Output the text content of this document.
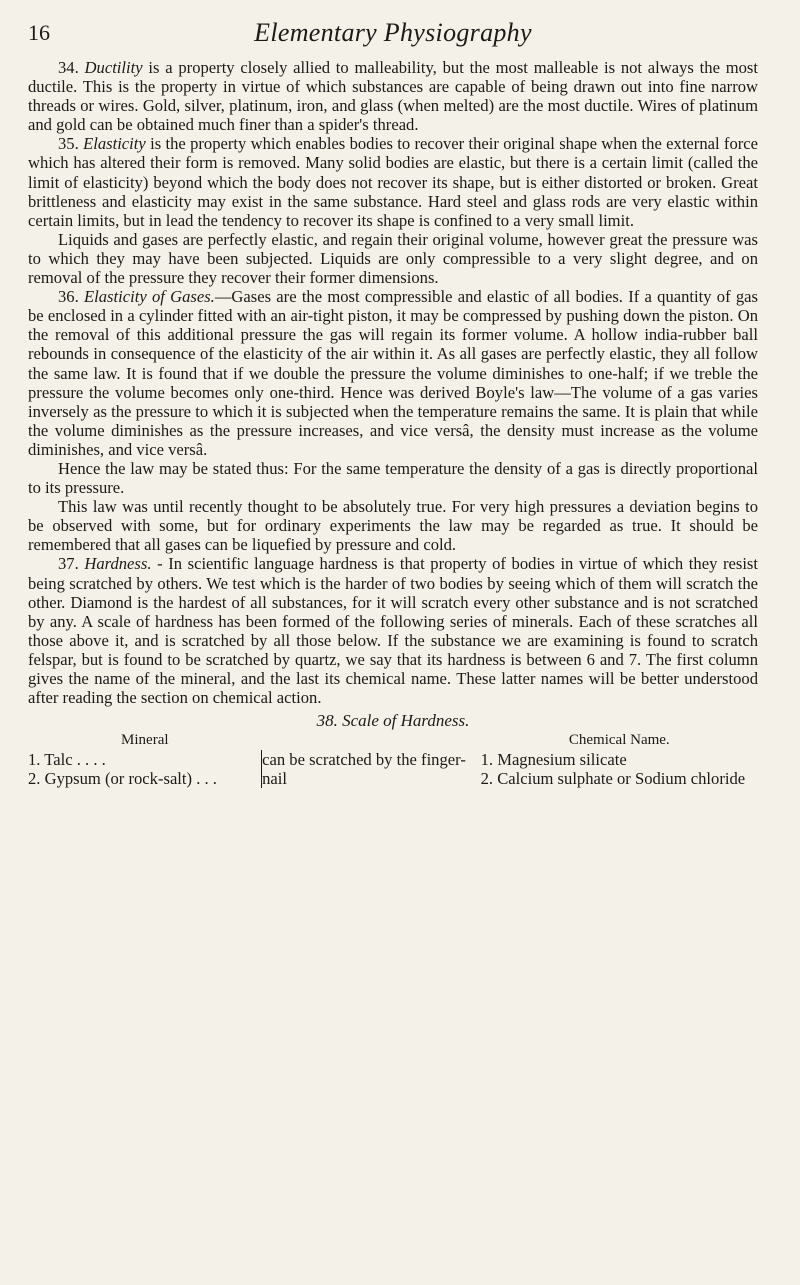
16	Elementary Physiography

34. Ductility is a property closely allied to malleability, but the most malleable is not always the most ductile. This is the property in virtue of which substances are capable of being drawn out into fine narrow threads or wires. Gold, silver, platinum, iron, and glass (when melted) are the most ductile. Wires of platinum and gold can be obtained much finer than a spider's thread.

35. Elasticity is the property which enables bodies to recover their original shape when the external force which has altered their form is removed. Many solid bodies are elastic, but there is a certain limit (called the limit of elasticity) beyond which the body does not recover its shape, but is either distorted or broken. Great brittleness and elasticity may exist in the same substance. Hard steel and glass rods are very elastic within certain limits, but in lead the tendency to recover its shape is confined to a very small limit.

Liquids and gases are perfectly elastic, and regain their original volume, however great the pressure was to which they may have been subjected. Liquids are only compressible to a very slight degree, and on removal of the pressure they recover their former dimensions.

36. Elasticity of Gases.—Gases are the most compressible and elastic of all bodies. If a quantity of gas be enclosed in a cylinder fitted with an air-tight piston, it may be compressed by pushing down the piston. On the removal of this additional pressure the gas will regain its former volume. A hollow india-rubber ball rebounds in consequence of the elasticity of the air within it. As all gases are perfectly elastic, they all follow the same law. It is found that if we double the pressure the volume diminishes to one-half; if we treble the pressure the volume becomes only one-third. Hence was derived Boyle's law—The volume of a gas varies inversely as the pressure to which it is subjected when the temperature remains the same. It is plain that while the volume diminishes as the pressure increases, and vice versâ, the density must increase as the volume diminishes, and vice versâ.

Hence the law may be stated thus: For the same temperature the density of a gas is directly proportional to its pressure.

This law was until recently thought to be absolutely true. For very high pressures a deviation begins to be observed with some, but for ordinary experiments the law may be regarded as true. It should be remembered that all gases can be liquefied by pressure and cold.

37. Hardness. - In scientific language hardness is that property of bodies in virtue of which they resist being scratched by others. We test which is the harder of two bodies by seeing which of them will scratch the other. Diamond is the hardest of all substances, for it will scratch every other substance and is not scratched by any. A scale of hardness has been formed of the following series of minerals. Each of these scratches all those above it, and is scratched by all those below. If the substance we are examining is found to scratch felspar, but is found to be scratched by quartz, we say that its hardness is between 6 and 7. The first column gives the name of the mineral, and the last its chemical name. These latter names will be better understood after reading the section on chemical action.

38. Scale of Hardness.
Mineral		Chemical Name.
1. Talc . . . .	can be scratched by the finger-nail	1. Magnesium silicate
2. Gypsum (or rock-salt) . . .		2. Calcium sulphate or Sodium chloride
